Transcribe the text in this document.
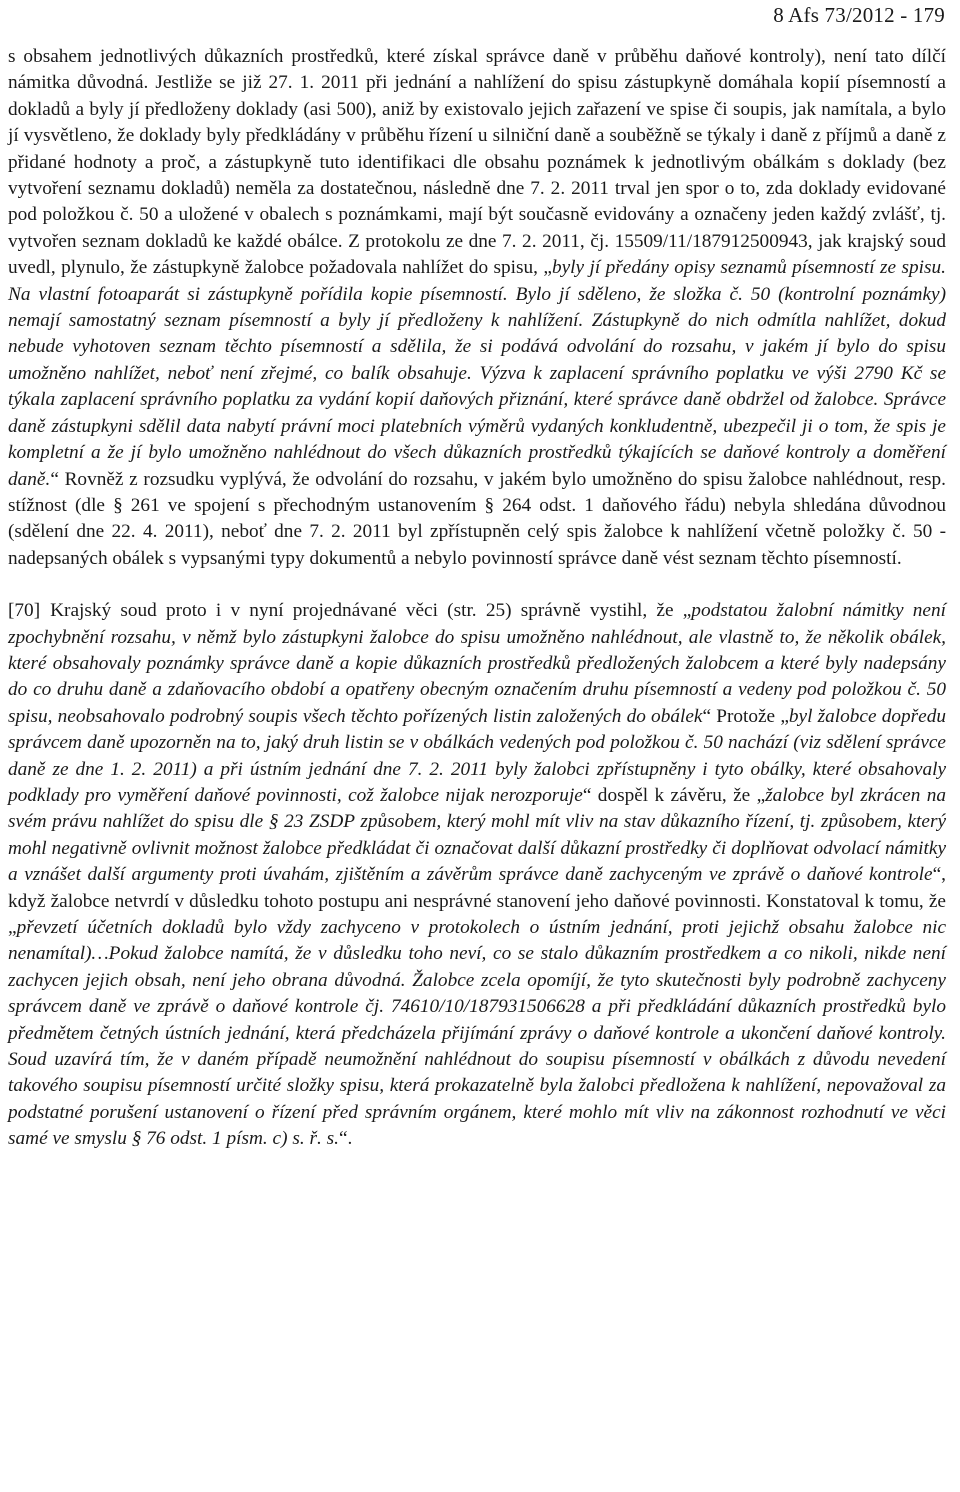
8 Afs 73/2012 - 179

s obsahem jednotlivých důkazních prostředků, které získal správce daně v průběhu daňové kontroly), není tato dílčí námitka důvodná. Jestliže se již 27. 1. 2011 při jednání a nahlížení do spisu zástupkyně domáhala kopií písemností a dokladů a byly jí předloženy doklady (asi 500), aniž by existovalo jejich zařazení ve spise či soupis, jak namítala, a bylo jí vysvětleno, že doklady byly předkládány v průběhu řízení u silniční daně a souběžně se týkaly i daně z příjmů a daně z přidané hodnoty a proč, a zástupkyně tuto identifikaci dle obsahu poznámek k jednotlivým obálkám s doklady (bez vytvoření seznamu dokladů) neměla za dostatečnou, následně dne 7. 2. 2011 trval jen spor o to, zda doklady evidované pod položkou č. 50 a uložené v obalech s poznámkami, mají být současně evidovány a označeny jeden každý zvlášť, tj. vytvořen seznam dokladů ke každé obálce. Z protokolu ze dne 7. 2. 2011, čj. 15509/11/187912500943, jak krajský soud uvedl, plynulo, že zástupkyně žalobce požadovala nahlížet do spisu, „byly jí předány opisy seznamů písemností ze spisu. Na vlastní fotoaparát si zástupkyně pořídila kopie písemností. Bylo jí sděleno, že složka č. 50 (kontrolní poznámky) nemají samostatný seznam písemností a byly jí předloženy k nahlížení. Zástupkyně do nich odmítla nahlížet, dokud nebude vyhotoven seznam těchto písemností a sdělila, že si podává odvolání do rozsahu, v jakém jí bylo do spisu umožněno nahlížet, neboť není zřejmé, co balík obsahuje. Výzva k zaplacení správního poplatku ve výši 2790 Kč se týkala zaplacení správního poplatku za vydání kopií daňových přiznání, které správce daně obdržel od žalobce. Správce daně zástupkyni sdělil data nabytí právní moci platebních výměrů vydaných konkludentně, ubezpečil ji o tom, že spis je kompletní a že jí bylo umožněno nahlédnout do všech důkazních prostředků týkajících se daňové kontroly a doměření daně.“ Rovněž z rozsudku vyplývá, že odvolání do rozsahu, v jakém bylo umožněno do spisu žalobce nahlédnout, resp. stížnost (dle § 261 ve spojení s přechodným ustanovením § 264 odst. 1 daňového řádu) nebyla shledána důvodnou (sdělení dne 22. 4. 2011), neboť dne 7. 2. 2011 byl zpřístupněn celý spis žalobce k nahlížení včetně položky č. 50 - nadepsaných obálek s vypsanými typy dokumentů a nebylo povinností správce daně vést seznam těchto písemností.

[70] Krajský soud proto i v nyní projednávané věci (str. 25) správně vystihl, že „podstatou žalobní námitky není zpochybnění rozsahu, v němž bylo zástupkyni žalobce do spisu umožněno nahlédnout, ale vlastně to, že několik obálek, které obsahovaly poznámky správce daně a kopie důkazních prostředků předložených žalobcem a které byly nadepsány do co druhu daně a zdaňovacího období a opatřeny obecným označením druhu písemností a vedeny pod položkou č. 50 spisu, neobsahovalo podrobný soupis všech těchto pořízených listin založených do obálek“ Protože „byl žalobce dopředu správcem daně upozorněn na to, jaký druh listin se v obálkách vedených pod položkou č. 50 nachází (viz sdělení správce daně ze dne 1. 2. 2011) a při ústním jednání dne 7. 2. 2011 byly žalobci zpřístupněny i tyto obálky, které obsahovaly podklady pro vyměření daňové povinnosti, což žalobce nijak nerozporuje“ dospěl k závěru, že „žalobce byl zkrácen na svém právu nahlížet do spisu dle § 23 ZSDP způsobem, který mohl mít vliv na stav důkazního řízení, tj. způsobem, který mohl negativně ovlivnit možnost žalobce předkládat či označovat další důkazní prostředky či doplňovat odvolací námitky a vznášet další argumenty proti úvahám, zjištěním a závěrům správce daně zachyceným ve zprávě o daňové kontrole“, když žalobce netvrdí v důsledku tohoto postupu ani nesprávné stanovení jeho daňové povinnosti. Konstatoval k tomu, že „převzetí účetních dokladů bylo vždy zachyceno v protokolech o ústním jednání, proti jejichž obsahu žalobce nic nenamítal)…Pokud žalobce namítá, že v důsledku toho neví, co se stalo důkazním prostředkem a co nikoli, nikde není zachycen jejich obsah, není jeho obrana důvodná. Žalobce zcela opomíjí, že tyto skutečnosti byly podrobně zachyceny správcem daně ve zprávě o daňové kontrole čj. 74610/10/187931506628 a při předkládání důkazních prostředků bylo předmětem četných ústních jednání, která předcházela přijímání zprávy o daňové kontrole a ukončení daňové kontroly. Soud uzavírá tím, že v daném případě neumožnění nahlédnout do soupisu písemností v obálkách z důvodu nevedení takového soupisu písemností určité složky spisu, která prokazatelně byla žalobci předložena k nahlížení, nepovažoval za podstatné porušení ustanovení o řízení před správním orgánem, které mohlo mít vliv na zákonnost rozhodnutí ve věci samé ve smyslu § 76 odst. 1 písm. c) s. ř. s.“.
